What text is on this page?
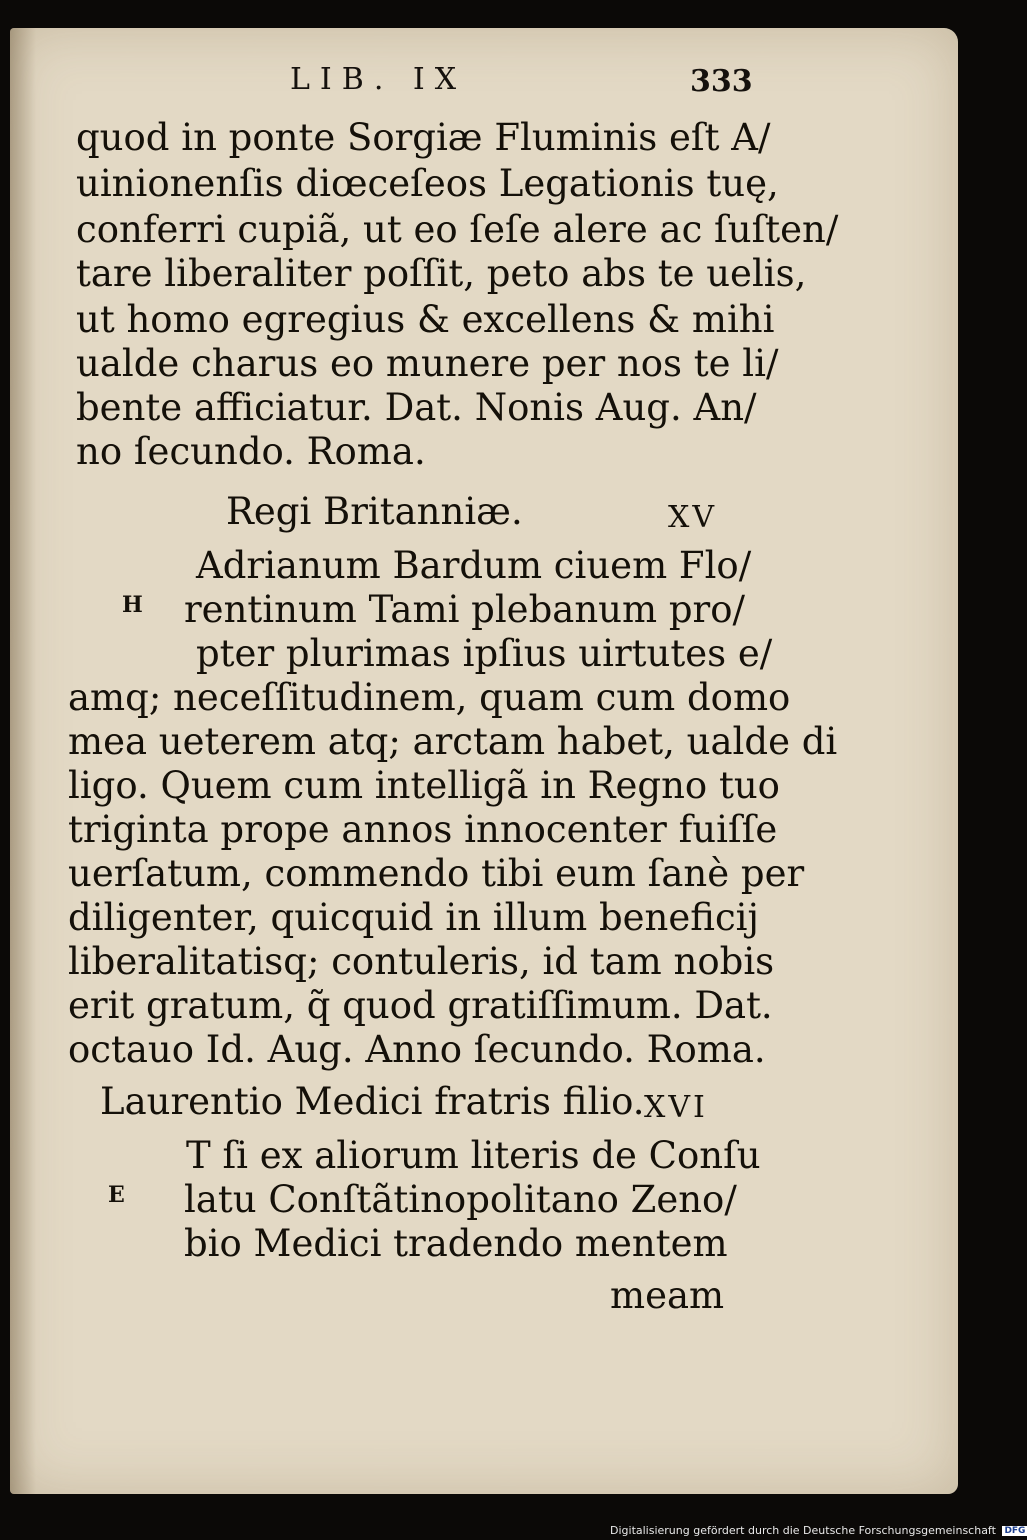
LIB. IX	333
quod in ponte Sorgiæ Fluminis eſt A/
uinionenſis diœceſeos Legationis tuę,
conferri cupiã, ut eo ſeſe alere ac ſuſten/
tare liberaliter poſſit, peto abs te uelis,
ut homo egregius & excellens & mihi
ualde charus eo munere per nos te li/
bente afficiatur. Dat. Nonis Aug. An/
no ſecundo. Roma.
Regi Britanniæ.	XV
H
Adrianum Bardum ciuem Flo/
rentinum Tami plebanum pro/
pter plurimas ipſius uirtutes e/
amq; neceſſitudinem, quam cum domo
mea ueterem atq; arctam habet, ualde di
ligo. Quem cum intelligã in Regno tuo
triginta prope annos innocenter fuiſſe
uerſatum, commendo tibi eum ſanè per
diligenter, quicquid in illum beneficij
liberalitatisq; contuleris, id tam nobis
erit gratum, q̃ quod gratiſſimum. Dat.
octauo Id. Aug. Anno ſecundo. Roma.
Laurentio Medici fratris filio. XVI
E
T ſi ex aliorum literis de Conſu
latu Conſtãtinopolitano Zeno/
bio Medici tradendo mentem
meam
Digitalisierung gefördert durch die Deutsche Forschungsgemeinschaft DFG
